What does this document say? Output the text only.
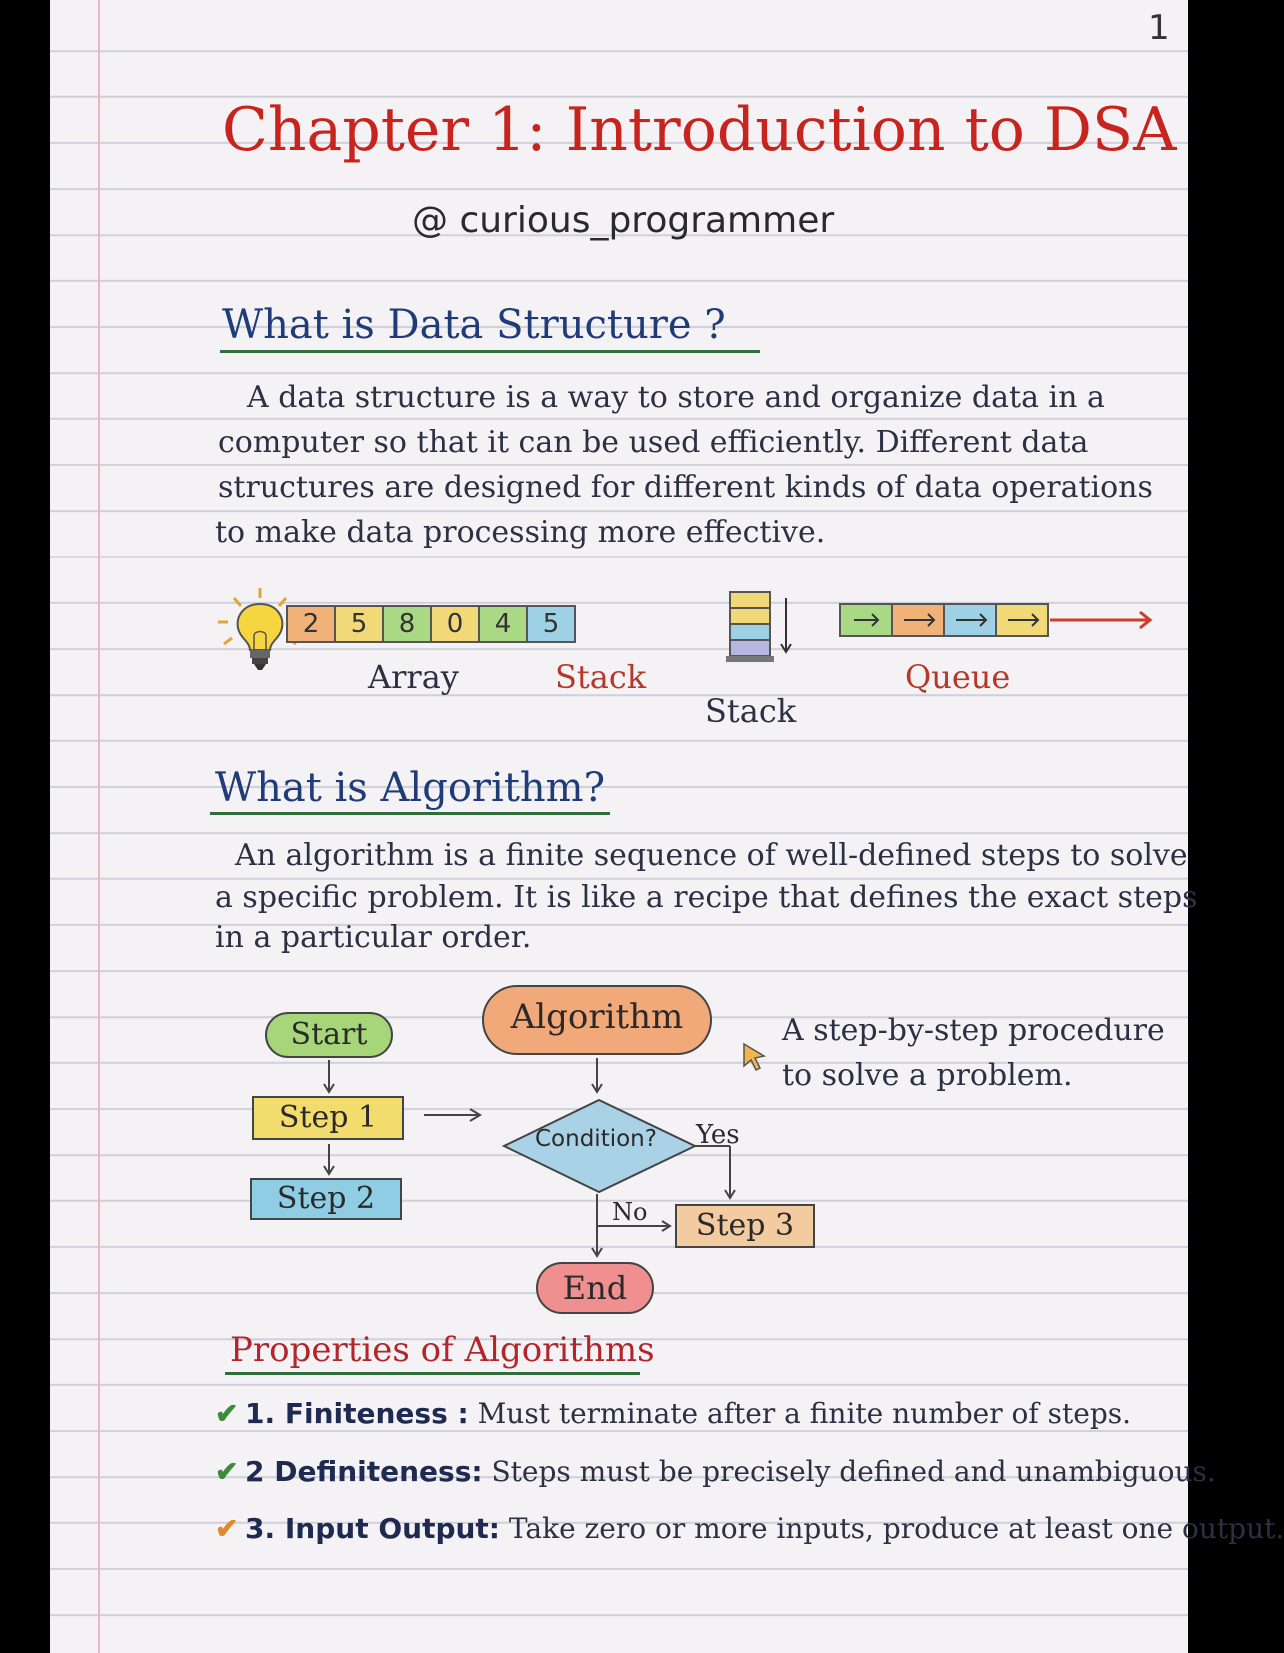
1
Chapter 1: Introduction to DSA
@ curious_programmer
What is Data Structure ?
A data structure is a way to store and organize data in a
computer so that it can be used efficiently. Different data
structures are designed for different kinds of data operations
to make data processing more effective.
2	5	8	0	4	5
Array	Stack
Stack
Queue
What is Algorithm?
An algorithm is a finite sequence of well-defined steps to solve
a specific problem. It is like a recipe that defines the exact steps
in a particular order.
Start	Algorithm
Step 1
Step 2
Condition? Yes
No	Step 3
End
A step-by-step procedure
to solve a problem.
Properties of Algorithms
✔ 1. Finiteness : Must terminate after a finite number of steps.
✔ 2 Definiteness: Steps must be precisely defined and unambiguous.
✔ 3. Input Output: Take zero or more inputs, produce at least one output.
